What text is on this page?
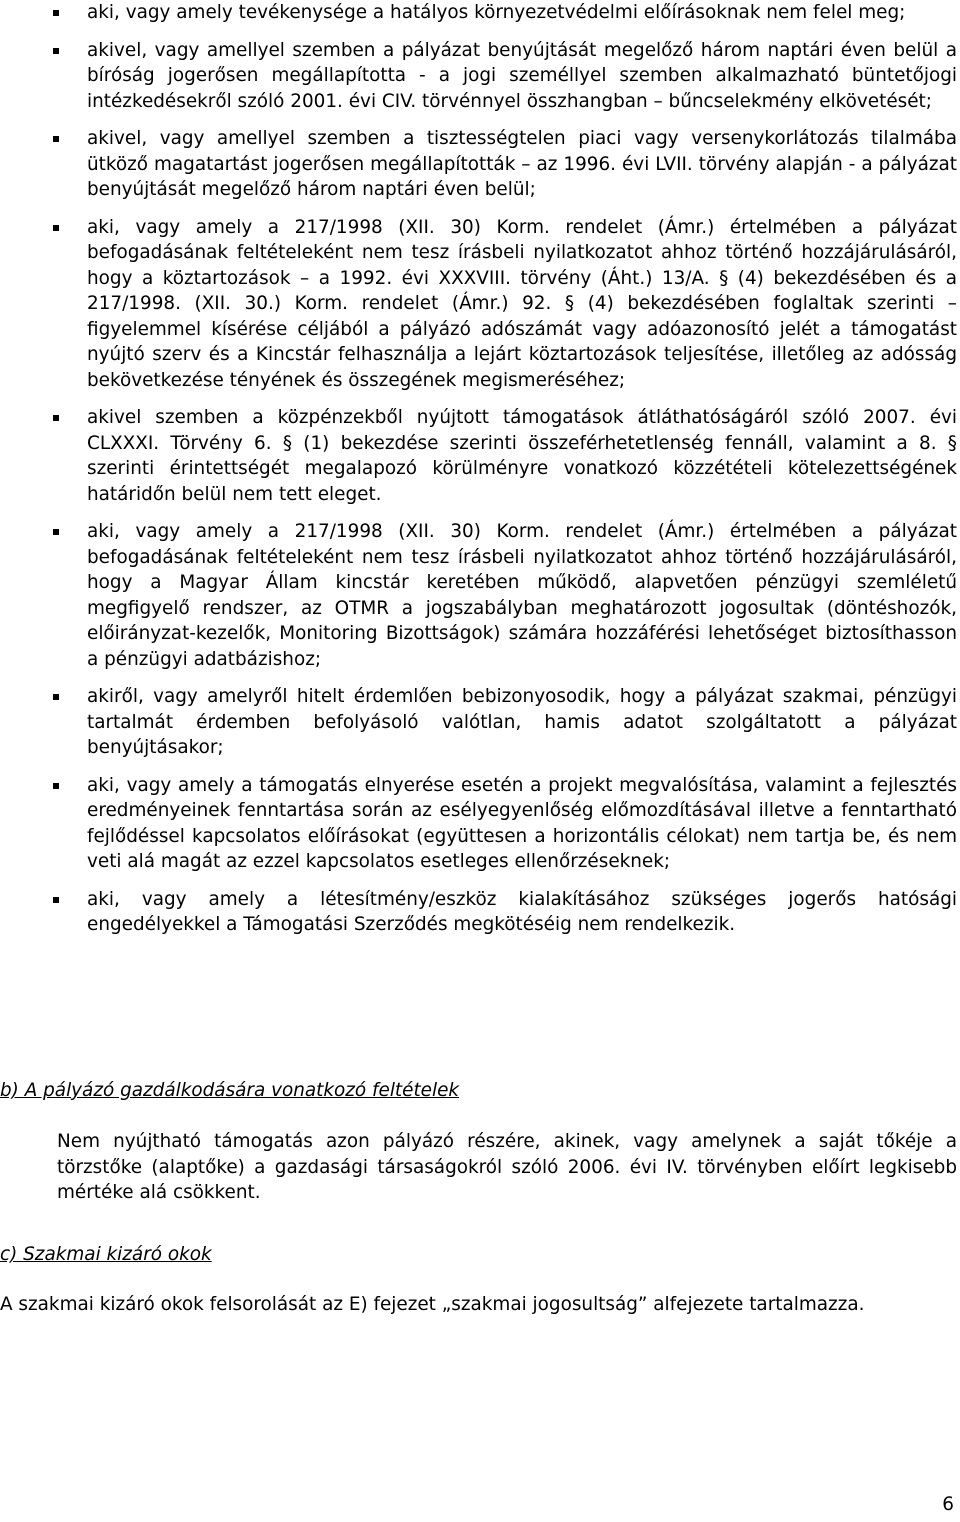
aki, vagy amely tevékenysége a hatályos környezetvédelmi előírásoknak nem felel meg;
akivel, vagy amellyel szemben a pályázat benyújtását megelőző három naptári éven belül a bíróság jogerősen megállapította - a jogi személlyel szemben alkalmazható büntetőjogi intézkedésekről szóló 2001. évi CIV. törvénnyel összhangban – bűncselekmény elkövetését;
akivel, vagy amellyel szemben a tisztességtelen piaci vagy versenykorlátozás tilalmába ütköző magatartást jogerősen megállapították – az 1996. évi LVII. törvény alapján - a pályázat benyújtását megelőző három naptári éven belül;
aki, vagy amely a 217/1998 (XII. 30) Korm. rendelet (Ámr.) értelmében a pályázat befogadásának feltételeként nem tesz írásbeli nyilatkozatot ahhoz történő hozzájárulásáról, hogy a köztartozások – a 1992. évi XXXVIII. törvény (Áht.) 13/A. § (4) bekezdésében és a 217/1998. (XII. 30.) Korm. rendelet (Ámr.) 92. § (4) bekezdésében foglaltak szerinti – figyelemmel kísérése céljából a pályázó adószámát vagy adóazonosító jelét a támogatást nyújtó szerv és a Kincstár felhasználja a lejárt köztartozások teljesítése, illetőleg az adósság bekövetkezése tényének és összegének megismeréséhez;
akivel szemben a közpénzekből nyújtott támogatások átláthatóságáról szóló 2007. évi CLXXXI. Törvény 6. § (1) bekezdése szerinti összeférhetetlenség fennáll, valamint a 8. § szerinti érintettségét megalapozó körülményre vonatkozó közzétételi kötelezettségének határidőn belül nem tett eleget.
aki, vagy amely a 217/1998 (XII. 30) Korm. rendelet (Ámr.) értelmében a pályázat befogadásának feltételeként nem tesz írásbeli nyilatkozatot ahhoz történő hozzájárulásáról, hogy a Magyar Állam kincstár keretében működő, alapvetően pénzügyi szemléletű megfigyelő rendszer, az OTMR a jogszabályban meghatározott jogosultak (döntéshozók, előirányzat-kezelők, Monitoring Bizottságok) számára hozzáférési lehetőséget biztosíthasson a pénzügyi adatbázishoz;
akiről, vagy amelyről hitelt érdemlően bebizonyosodik, hogy a pályázat szakmai, pénzügyi tartalmát érdemben befolyásoló valótlan, hamis adatot szolgáltatott a pályázat benyújtásakor;
aki, vagy amely a támogatás elnyerése esetén a projekt megvalósítása, valamint a fejlesztés eredményeinek fenntartása során az esélyegyenlőség előmozdításával illetve a fenntartható fejlődéssel kapcsolatos előírásokat (együttesen a horizontális célokat) nem tartja be, és nem veti alá magát az ezzel kapcsolatos esetleges ellenőrzéseknek;
aki, vagy amely a létesítmény/eszköz kialakításához szükséges jogerős hatósági engedélyekkel a Támogatási Szerződés megkötéséig nem rendelkezik.
b) A pályázó gazdálkodására vonatkozó feltételek
Nem nyújtható támogatás azon pályázó részére, akinek, vagy amelynek a saját tőkéje a törzstőke (alaptőke) a gazdasági társaságokról szóló 2006. évi IV. törvényben előírt legkisebb mértéke alá csökkent.
c) Szakmai kizáró okok
A szakmai kizáró okok felsorolását az E) fejezet „szakmai jogosultság” alfejezete tartalmazza.
6
